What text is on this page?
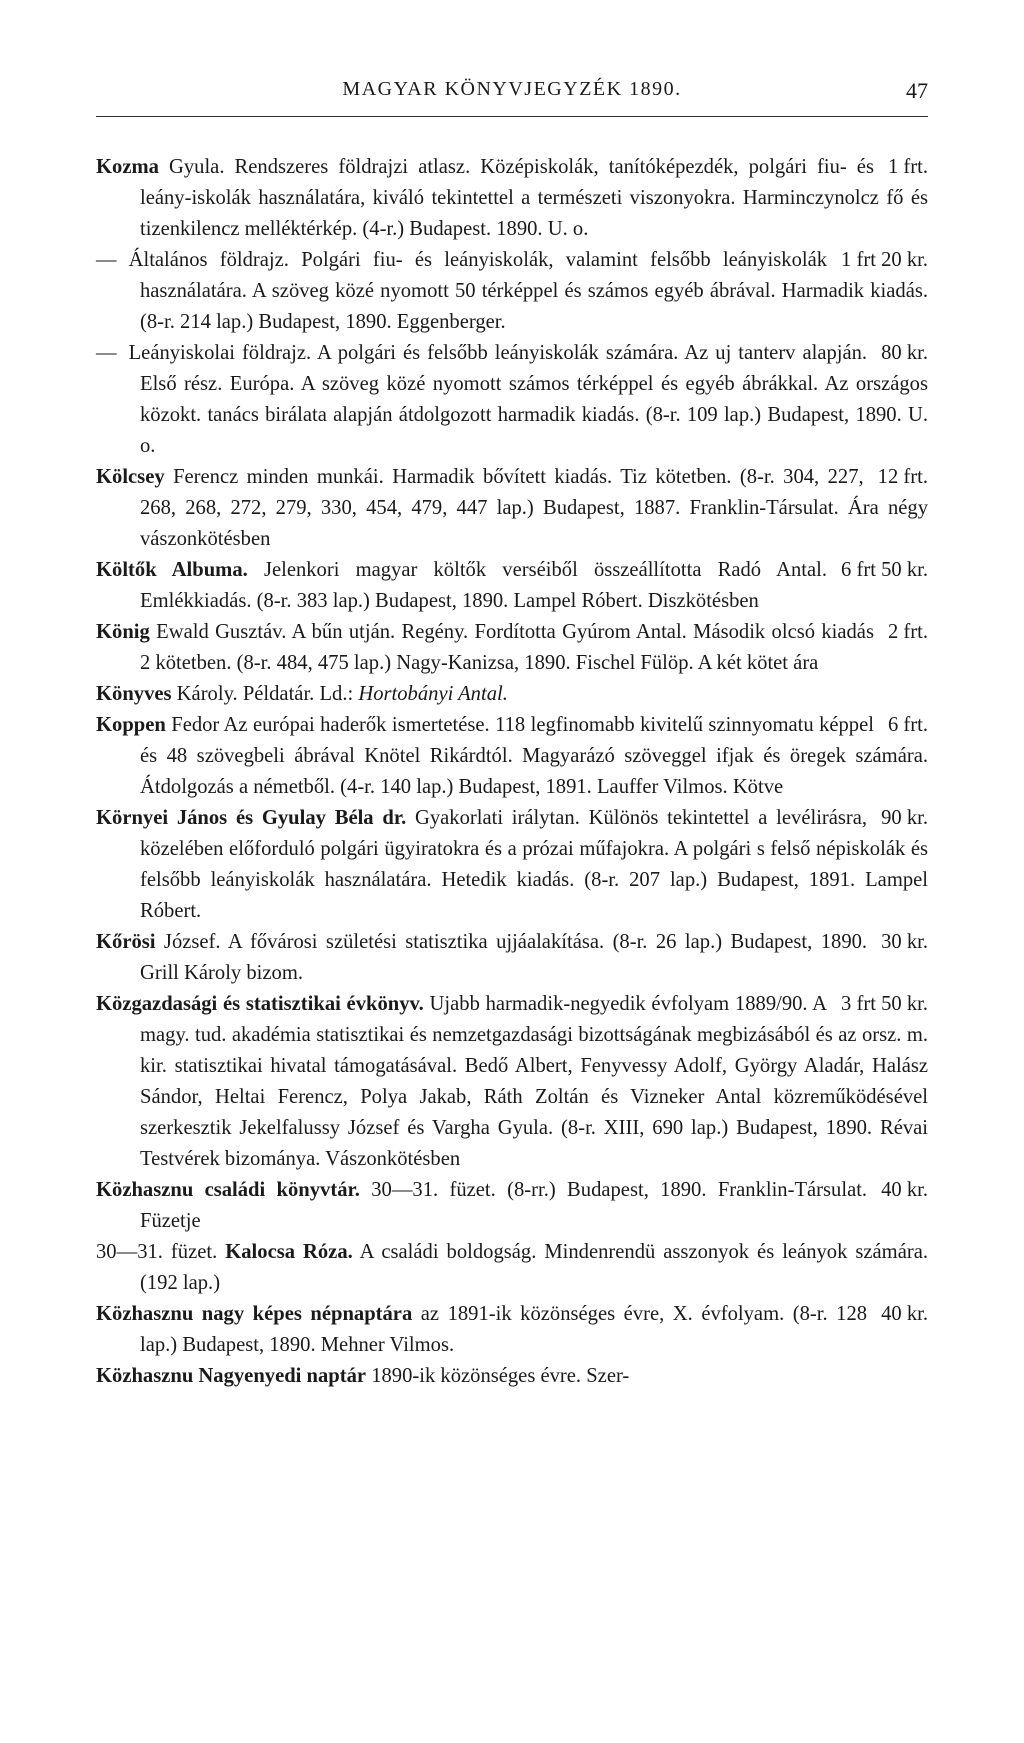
MAGYAR KÖNYVJEGYZÉK 1890.	47

1 frt.
Kozma Gyula. Rendszeres földrajzi atlasz. Középiskolák, tanítóképezdék, polgári fiu- és leány-iskolák használatára, kiváló tekintettel a természeti viszonyokra. Harminczynolcz fő és tizenkilencz melléktérkép. (4-r.) Budapest. 1890. U. o.

1 frt 20 kr.
— Általános földrajz. Polgári fiu- és leányiskolák, valamint felsőbb leányiskolák használatára. A szöveg közé nyomott 50 térképpel és számos egyéb ábrával. Harmadik kiadás. (8-r. 214 lap.) Budapest, 1890. Eggenberger.

80 kr.
— Leányiskolai földrajz. A polgári és felsőbb leányiskolák számára. Az uj tanterv alapján. Első rész. Európa. A szöveg közé nyomott számos térképpel és egyéb ábrákkal. Az országos közokt. tanács birálata alapján átdolgozott harmadik kiadás. (8-r. 109 lap.) Budapest, 1890. U. o.

12 frt.
Kölcsey Ferencz minden munkái. Harmadik bővített kiadás. Tiz kötetben. (8-r. 304, 227, 268, 268, 272, 279, 330, 454, 479, 447 lap.) Budapest, 1887. Franklin-Társulat. Ára négy vászonkötésben

6 frt 50 kr.
Költők Albuma. Jelenkori magyar költők verséiből összeállította Radó Antal. Emlékkiadás. (8-r. 383 lap.) Budapest, 1890. Lampel Róbert. Diszkötésben

2 frt.
König Ewald Gusztáv. A bűn utján. Regény. Fordította Gyúrom Antal. Második olcsó kiadás 2 kötetben. (8-r. 484, 475 lap.) Nagy-Kanizsa, 1890. Fischel Fülöp. A két kötet ára

Könyves Károly. Példatár. Ld.: Hortobányi Antal.

6 frt.
Koppen Fedor Az európai haderők ismertetése. 118 legfinomabb kivitelű szinnyomatu képpel és 48 szövegbeli ábrával Knötel Rikárdtól. Magyarázó szöveggel ifjak és öregek számára. Átdolgozás a németből. (4-r. 140 lap.) Budapest, 1891. Lauffer Vilmos. Kötve

90 kr.
Környei János és Gyulay Béla dr. Gyakorlati irálytan. Különös tekintettel a levélirásra, közelében előforduló polgári ügyiratokra és a prózai műfajokra. A polgári s felső népiskolák és felsőbb leányiskolák használatára. Hetedik kiadás. (8-r. 207 lap.) Budapest, 1891. Lampel Róbert.

30 kr.
Kőrösi József. A fővárosi születési statisztika ujjáalakítása. (8-r. 26 lap.) Budapest, 1890. Grill Károly bizom.

3 frt 50 kr.
Közgazdasági és statisztikai évkönyv. Ujabb harmadik-negyedik évfolyam 1889/90. A magy. tud. akadémia statisztikai és nemzetgazdasági bizottságának megbizásából és az orsz. m. kir. statisztikai hivatal támogatásával. Bedő Albert, Fenyvessy Adolf, György Aladár, Halász Sándor, Heltai Ferencz, Polya Jakab, Ráth Zoltán és Vizneker Antal közreműködésével szerkesztik Jekelfalussy József és Vargha Gyula. (8-r. XIII, 690 lap.) Budapest, 1890. Révai Testvérek bizománya. Vászonkötésben

40 kr.
Közhasznu családi könyvtár. 30—31. füzet. (8-rr.) Budapest, 1890. Franklin-Társulat. Füzetje

30—31. füzet. Kalocsa Róza. A családi boldogság. Mindenrendü asszonyok és leányok számára. (192 lap.)

40 kr.
Közhasznu nagy képes népnaptára az 1891-ik közönséges évre, X. évfolyam. (8-r. 128 lap.) Budapest, 1890. Mehner Vilmos.

Közhasznu Nagyenyedi naptár 1890-ik közönséges évre. Szer-
